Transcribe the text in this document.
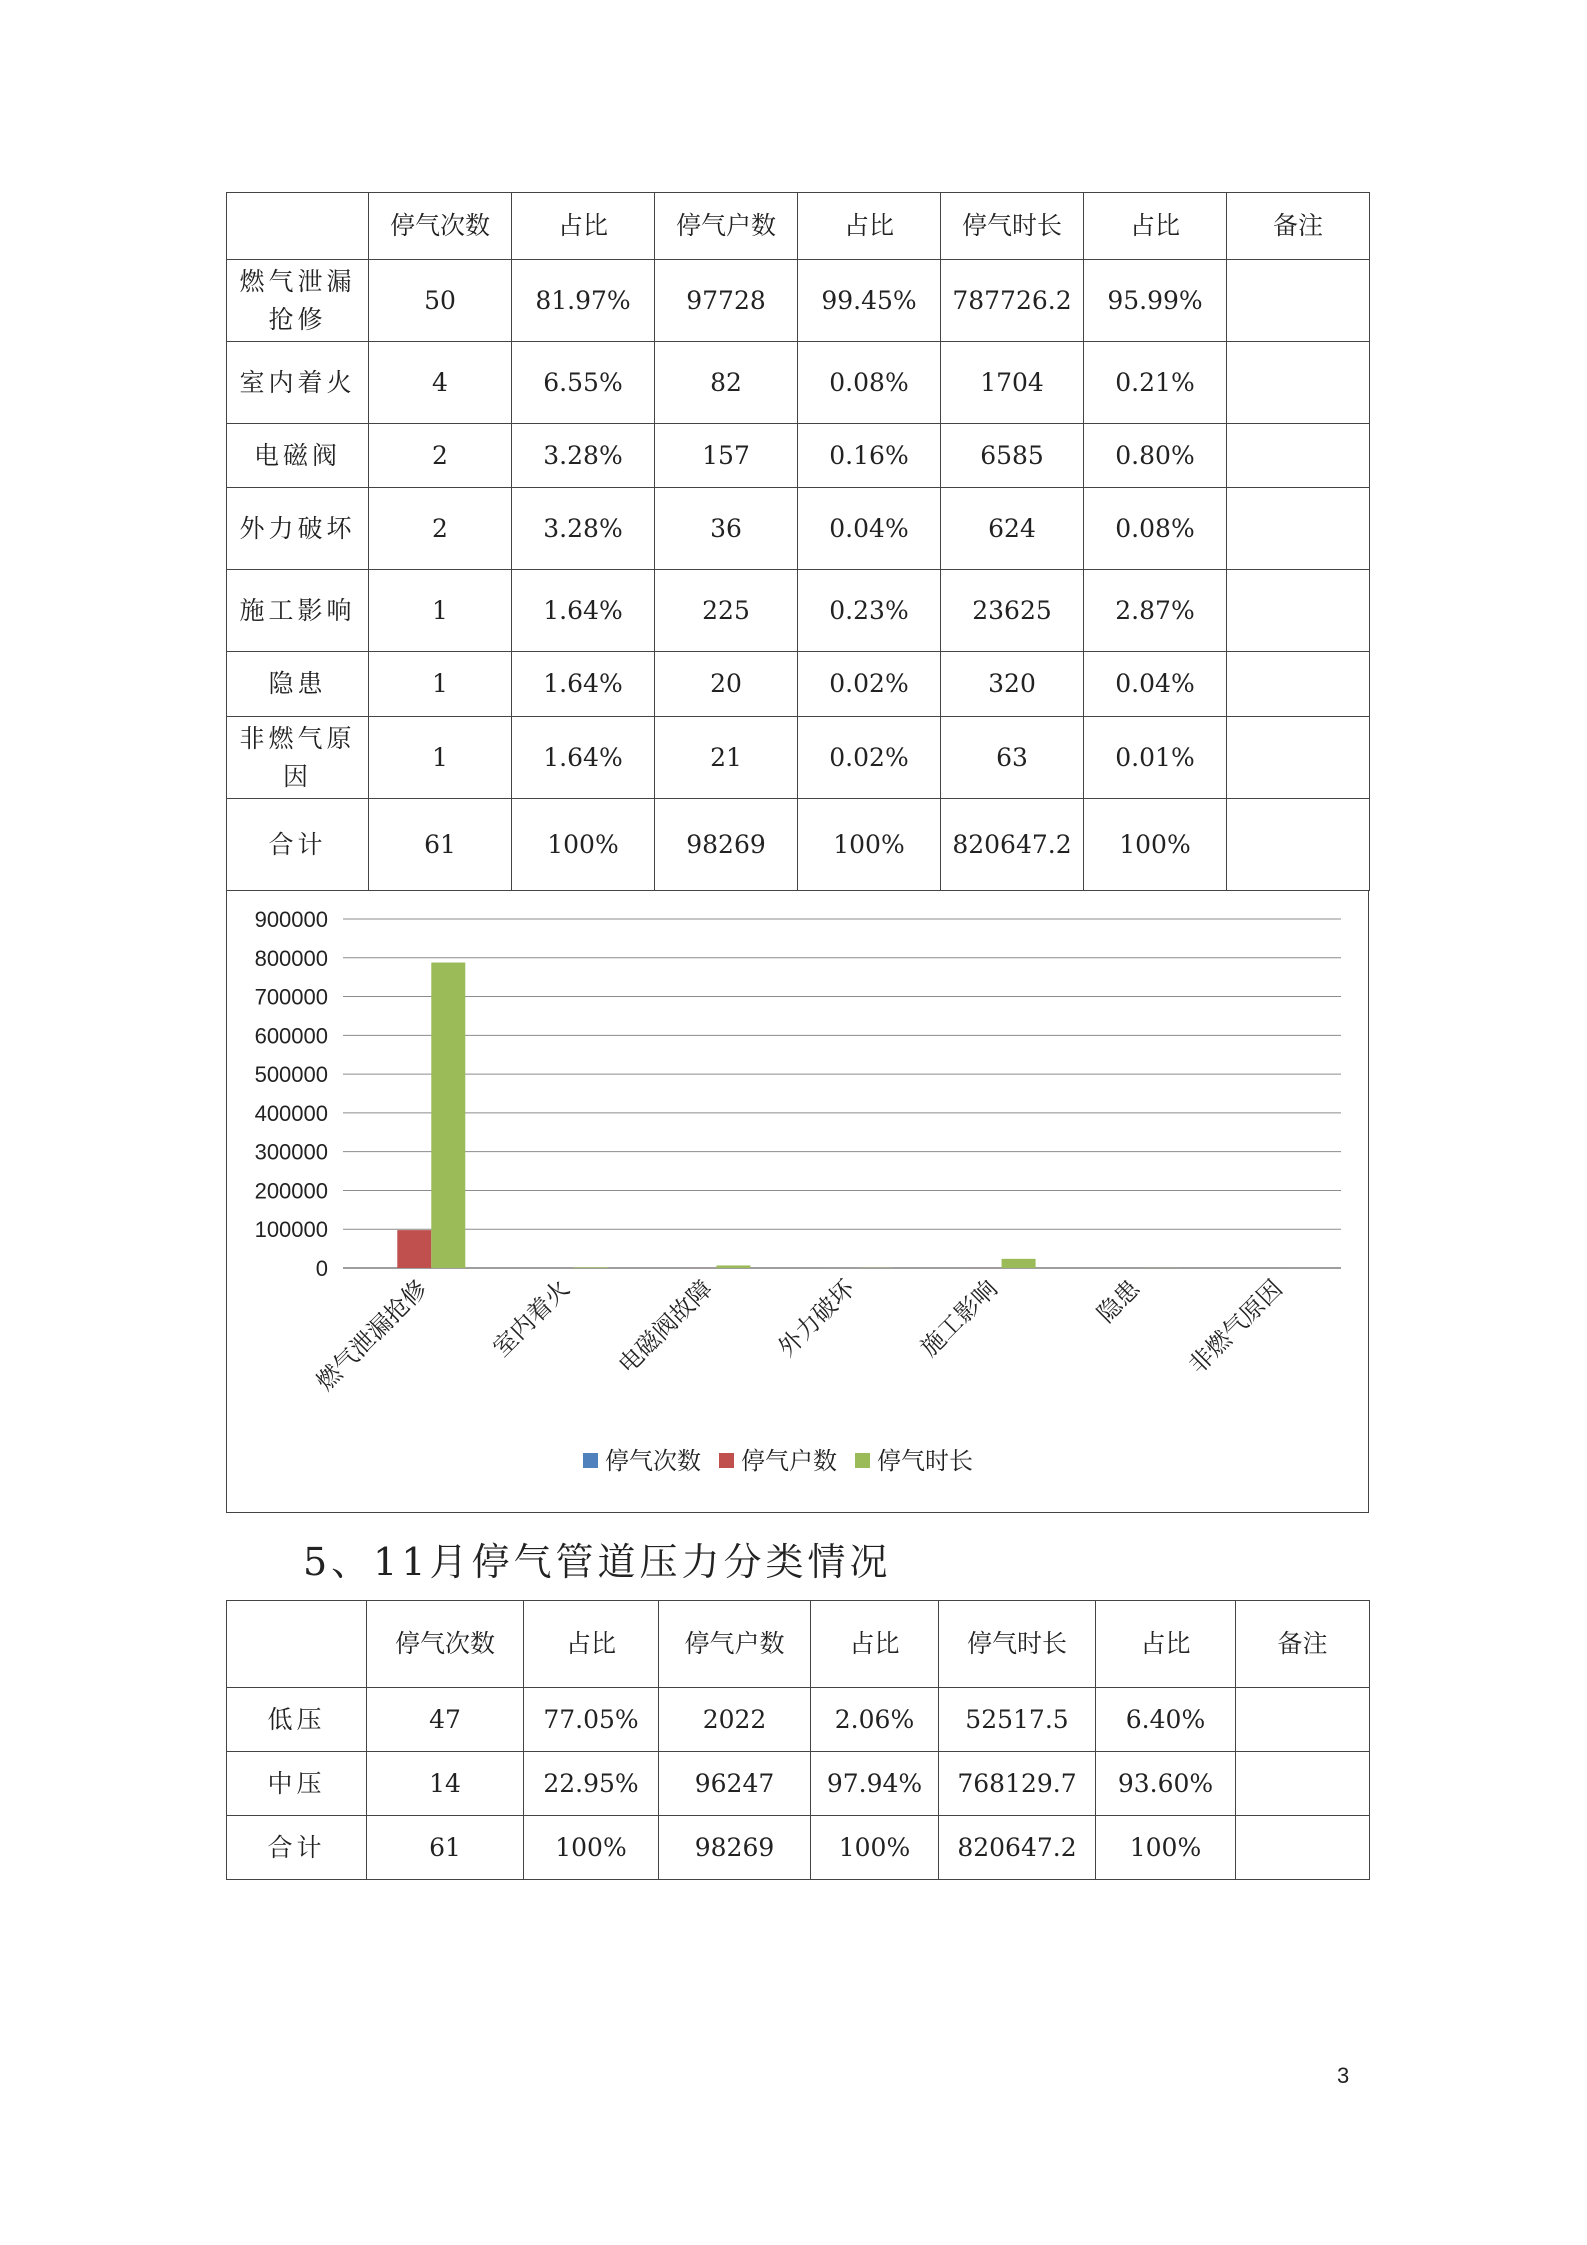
	停气次数	占比	停气户数	占比	停气时长	占比	备注
燃气泄漏抢修	50	81.97%	97728	99.45%	787726.2	95.99%	
室内着火	4	6.55%	82	0.08%	1704	0.21%	
电磁阀	2	3.28%	157	0.16%	6585	0.80%	
外力破坏	2	3.28%	36	0.04%	624	0.08%	
施工影响	1	1.64%	225	0.23%	23625	2.87%	
隐患	1	1.64%	20	0.02%	320	0.04%	
非燃气原因	1	1.64%	21	0.02%	63	0.01%	
合计	61	100%	98269	100%	820647.2	100%	
0
100000
200000
300000
400000
500000
600000
700000
800000
900000
燃气泄漏抢修 室内着火 电磁阀故障 外力破坏 施工影响	隐患 非燃气原因
停气次数 停气户数 停气时长
5、11月停气管道压力分类情况
	停气次数	占比	停气户数	占比	停气时长	占比	备注
低压	47	77.05%	2022	2.06%	52517.5	6.40%	
中压	14	22.95%	96247	97.94%	768129.7	93.60%	
合计	61	100%	98269	100%	820647.2	100%	
3
